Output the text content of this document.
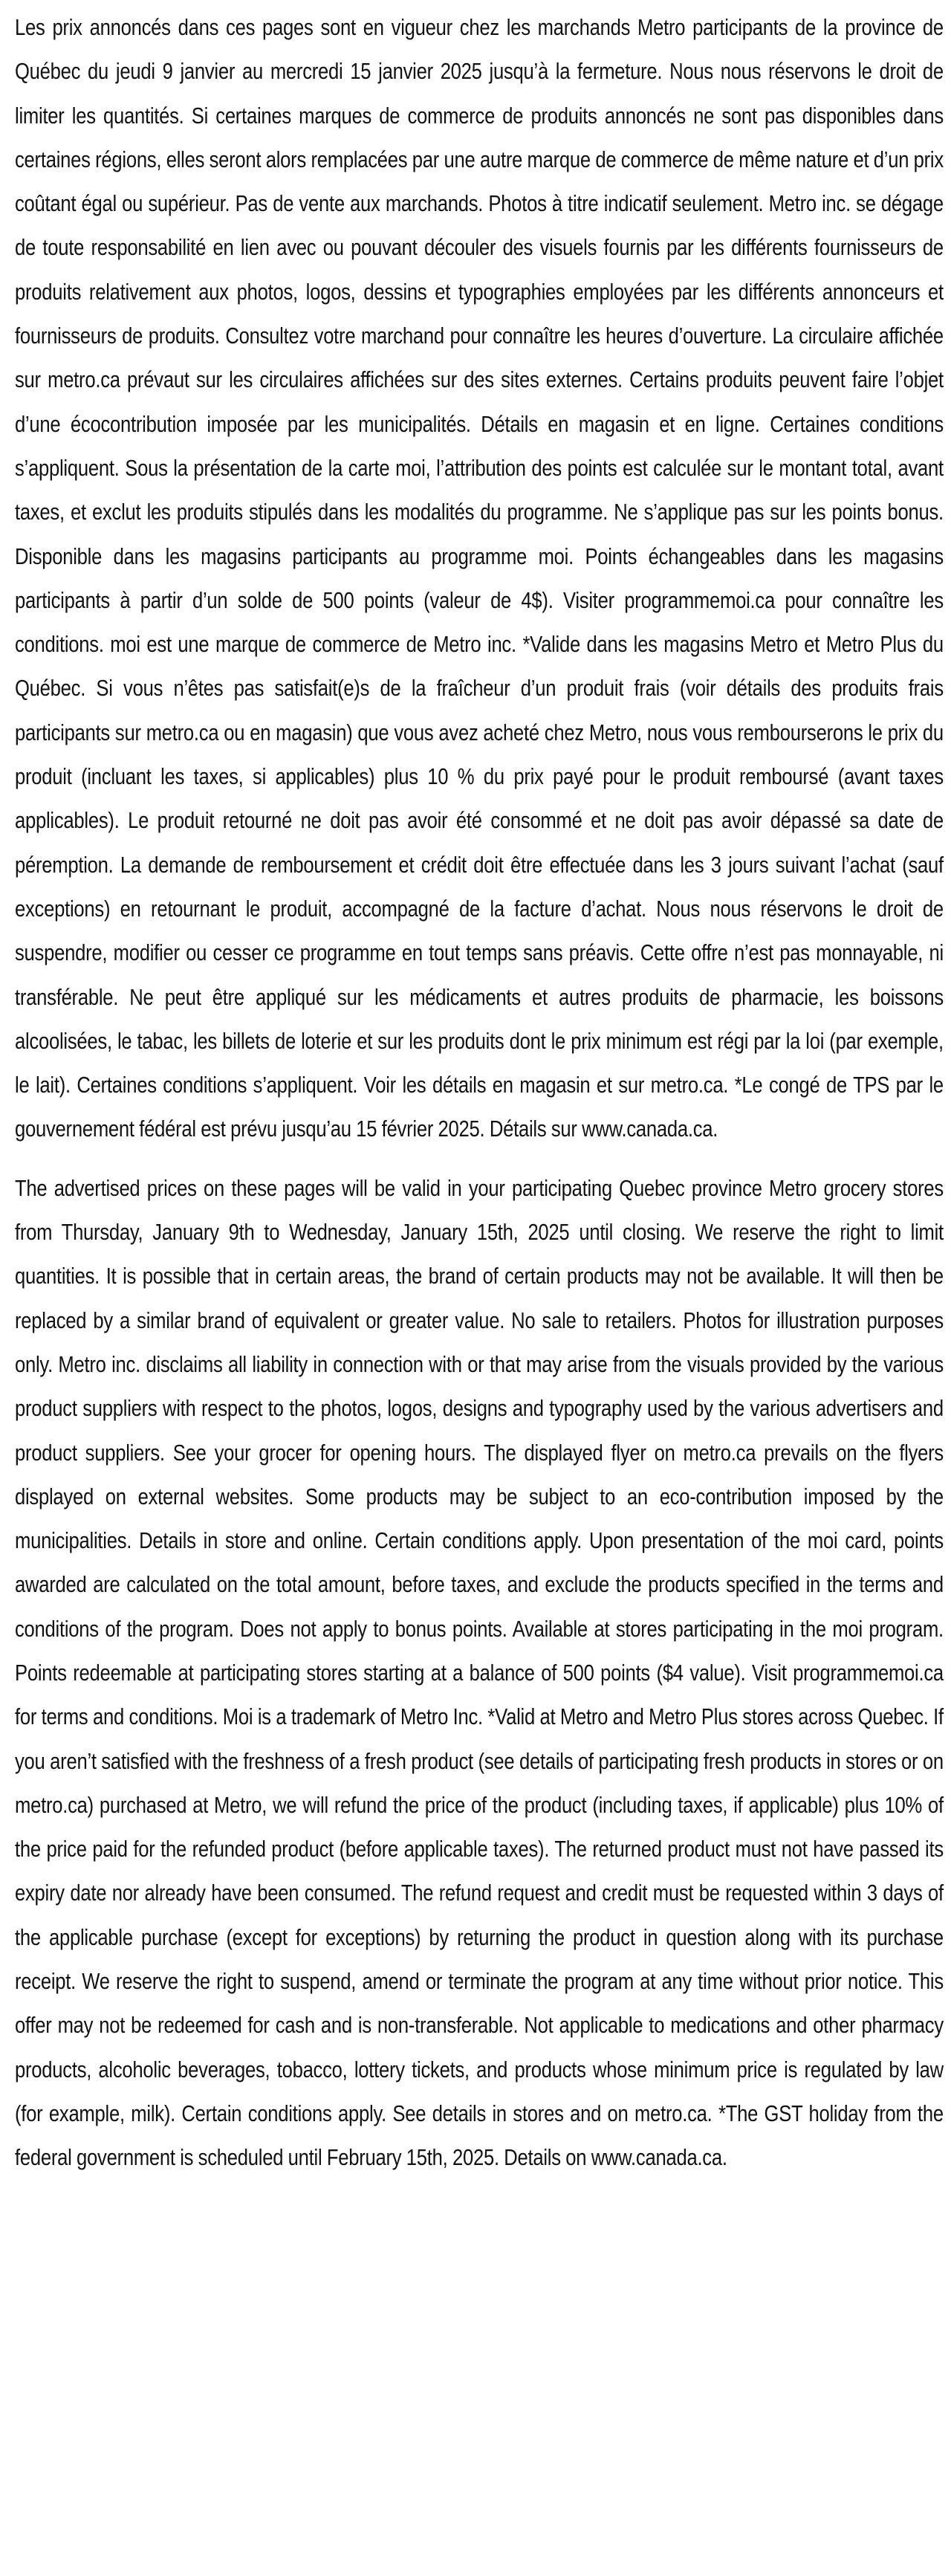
Les prix annoncés dans ces pages sont en vigueur chez les marchands Metro participants de la province de Québec du jeudi 9 janvier au mercredi 15 janvier 2025 jusqu’à la fermeture. Nous nous réservons le droit de limiter les quantités. Si certaines marques de commerce de produits annoncés ne sont pas disponibles dans certaines régions, elles seront alors remplacées par une autre marque de commerce de même nature et d’un prix coûtant égal ou supérieur. Pas de vente aux marchands. Photos à titre indicatif seulement. Metro inc. se dégage de toute responsabilité en lien avec ou pouvant découler des visuels fournis par les différents fournisseurs de produits relativement aux photos, logos, dessins et typographies employées par les différents annonceurs et fournisseurs de produits. Consultez votre marchand pour connaître les heures d’ouverture. La circulaire affichée sur metro.ca prévaut sur les circulaires affichées sur des sites externes. Certains produits peuvent faire l’objet d’une écocontribution imposée par les municipalités. Détails en magasin et en ligne. Certaines conditions s’appliquent. Sous la présentation de la carte moi, l’attribution des points est calculée sur le montant total, avant taxes, et exclut les produits stipulés dans les modalités du programme. Ne s’applique pas sur les points bonus. Disponible dans les magasins participants au programme moi. Points échangeables dans les magasins participants à partir d’un solde de 500 points (valeur de 4$). Visiter programmemoi.ca pour connaître les conditions. moi est une marque de commerce de Metro inc. *Valide dans les magasins Metro et Metro Plus du Québec. Si vous n’êtes pas satisfait(e)s de la fraîcheur d’un produit frais (voir détails des produits frais participants sur metro.ca ou en magasin) que vous avez acheté chez Metro, nous vous rembourserons le prix du produit (incluant les taxes, si applicables) plus 10 % du prix payé pour le produit remboursé (avant taxes applicables). Le produit retourné ne doit pas avoir été consommé et ne doit pas avoir dépassé sa date de péremption. La demande de remboursement et crédit doit être effectuée dans les 3 jours suivant l’achat (sauf exceptions) en retournant le produit, accompagné de la facture d’achat. Nous nous réservons le droit de suspendre, modifier ou cesser ce programme en tout temps sans préavis. Cette offre n’est pas monnayable, ni transférable. Ne peut être appliqué sur les médicaments et autres produits de pharmacie, les boissons alcoolisées, le tabac, les billets de loterie et sur les produits dont le prix minimum est régi par la loi (par exemple, le lait). Certaines conditions s’appliquent. Voir les détails en magasin et sur metro.ca. *Le congé de TPS par le gouvernement fédéral est prévu jusqu’au 15 février 2025. Détails sur www.canada.ca.

The advertised prices on these pages will be valid in your participating Quebec province Metro grocery stores from Thursday, January 9th to Wednesday, January 15th, 2025 until closing. We reserve the right to limit quantities. It is possible that in certain areas, the brand of certain products may not be available. It will then be replaced by a similar brand of equivalent or greater value. No sale to retailers. Photos for illustration purposes only. Metro inc. disclaims all liability in connection with or that may arise from the visuals provided by the various product suppliers with respect to the photos, logos, designs and typography used by the various advertisers and product suppliers. See your grocer for opening hours. The displayed flyer on metro.ca prevails on the flyers displayed on external websites. Some products may be subject to an eco-contribution imposed by the municipalities. Details in store and online. Certain conditions apply. Upon presentation of the moi card, points awarded are calculated on the total amount, before taxes, and exclude the products specified in the terms and conditions of the program. Does not apply to bonus points. Available at stores participating in the moi program. Points redeemable at participating stores starting at a balance of 500 points ($4 value). Visit programmemoi.ca for terms and conditions. Moi is a trademark of Metro Inc. *Valid at Metro and Metro Plus stores across Quebec. If you aren’t satisfied with the freshness of a fresh product (see details of participating fresh products in stores or on metro.ca) purchased at Metro, we will refund the price of the product (including taxes, if applicable) plus 10% of the price paid for the refunded product (before applicable taxes). The returned product must not have passed its expiry date nor already have been consumed. The refund request and credit must be requested within 3 days of the applicable purchase (except for exceptions) by returning the product in question along with its purchase receipt. We reserve the right to suspend, amend or terminate the program at any time without prior notice. This offer may not be redeemed for cash and is non-transferable. Not applicable to medications and other pharmacy products, alcoholic beverages, tobacco, lottery tickets, and products whose minimum price is regulated by law (for example, milk). Certain conditions apply. See details in stores and on metro.ca. *The GST holiday from the federal government is scheduled until February 15th, 2025. Details on www.canada.ca.
